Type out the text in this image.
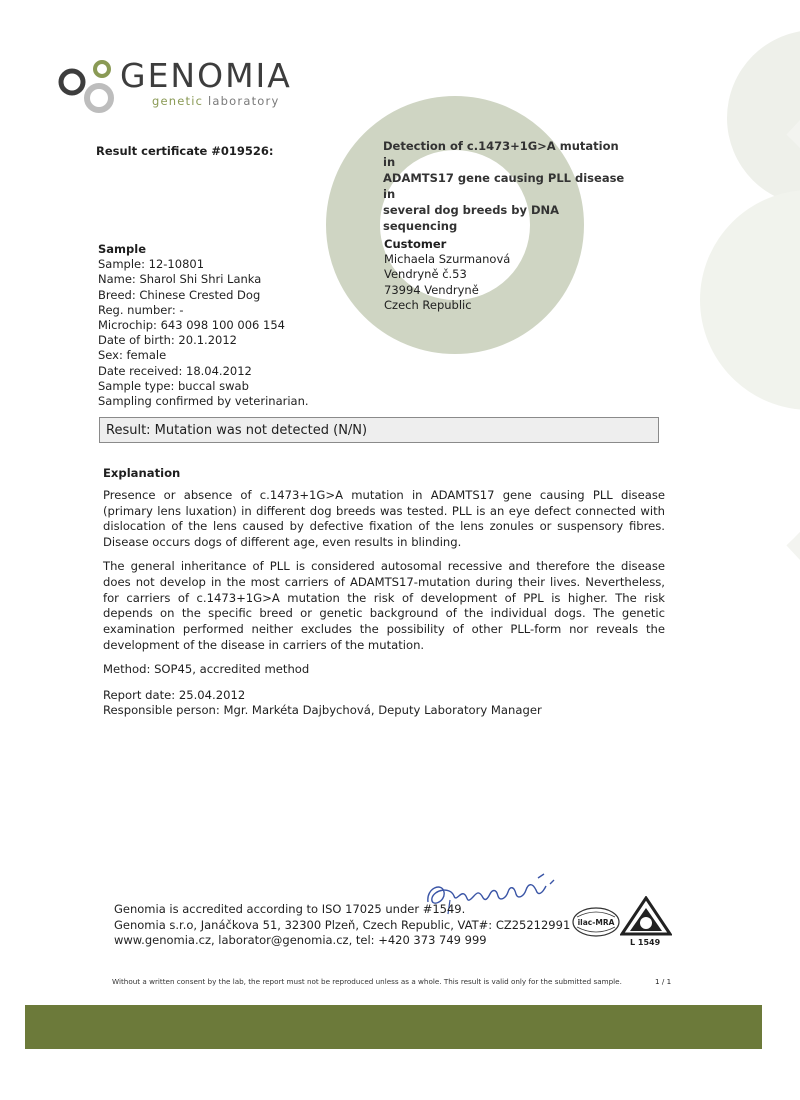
GENOMIA
genetic laboratory
Result certificate #019526:	Detection of c.1473+1G>A mutation in
ADAMTS17 gene causing PLL disease in
several dog breeds by DNA sequencing
Sample
Sample: 12-10801
Name: Sharol Shi Shri Lanka
Breed: Chinese Crested Dog
Reg. number: -
Microchip: 643 098 100 006 154
Date of birth: 20.1.2012
Sex: female
Date received: 18.04.2012
Sample type: buccal swab
Sampling confirmed by veterinarian.
Customer
Michaela Szurmanová
Vendryně č.53
73994 Vendryně
Czech Republic
Result: Mutation was not detected (N/N)
Explanation

Presence or absence of c.1473+1G>A mutation in ADAMTS17 gene causing PLL disease (primary lens luxation) in different dog breeds was tested. PLL is an eye defect connected with dislocation of the lens caused by defective fixation of the lens zonules or suspensory fibres. Disease occurs dogs of different age, even results in blinding.

The general inheritance of PLL is considered autosomal recessive and therefore the disease does not develop in the most carriers of ADAMTS17-mutation during their lives. Nevertheless, for carriers of c.1473+1G>A mutation the risk of development of PPL is higher. The risk depends on the specific breed or genetic background of the individual dogs. The genetic examination performed neither excludes the possibility of other PLL-form nor reveals the development of the disease in carriers of the mutation.

Method: SOP45, accredited method

Report date: 25.04.2012
Responsible person: Mgr. Markéta Dajbychová, Deputy Laboratory Manager
Genomia is accredited according to ISO 17025 under #1549.
Genomia s.r.o, Janáčkova 51, 32300 Plzeň, Czech Republic, VAT#: CZ25212991
www.genomia.cz, laborator@genomia.cz, tel: +420 373 749 999
ilac-MRA
L 1549
Without a written consent by the lab, the report must not be reproduced unless as a whole. This result is valid only for the submitted sample.	1 / 1
